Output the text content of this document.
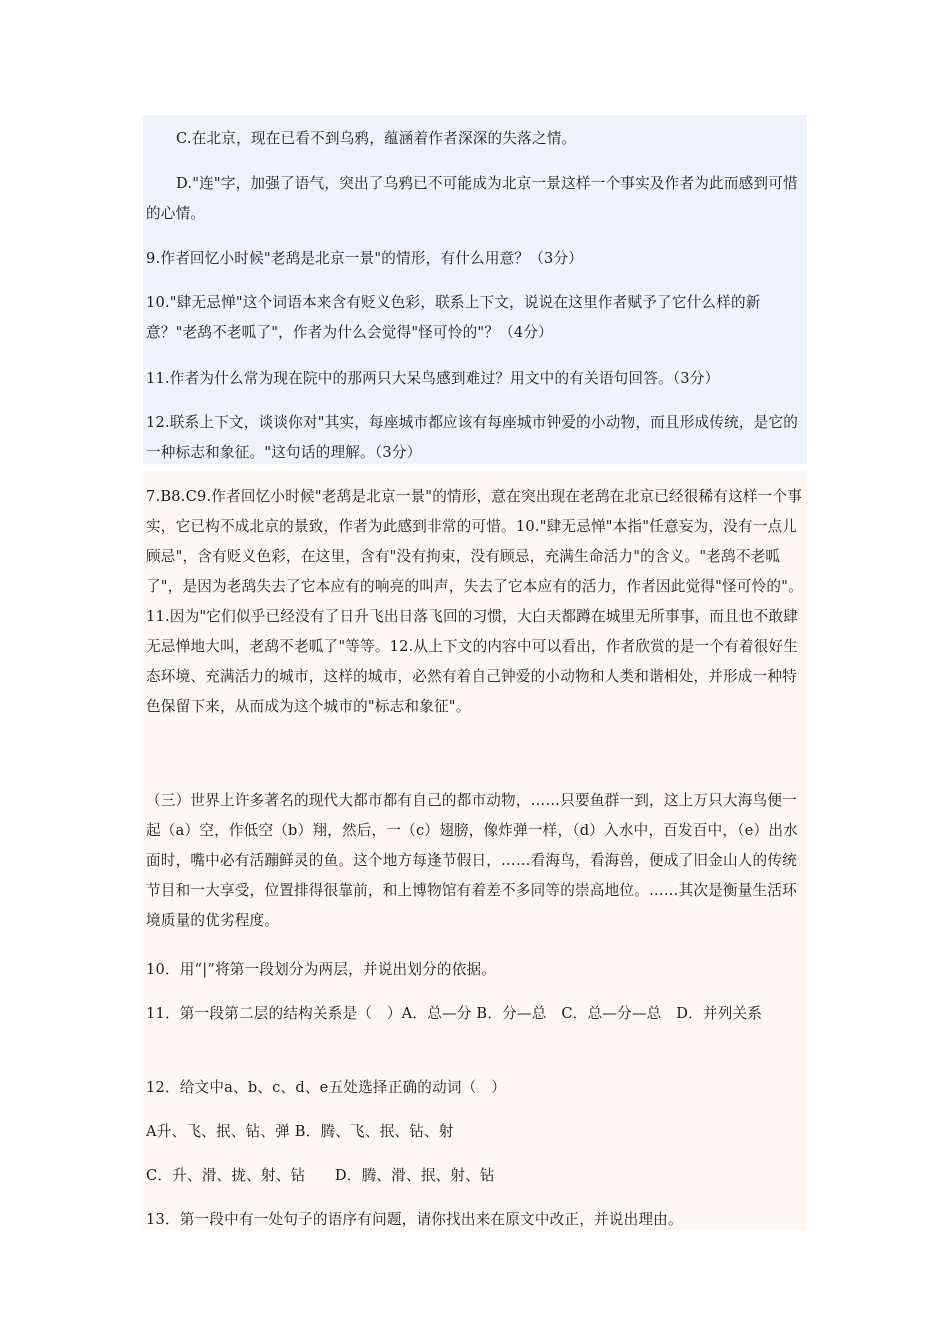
C.在北京，现在已看不到乌鸦，蕴涵着作者深深的失落之情。

D."连"字，加强了语气，突出了乌鸦已不可能成为北京一景这样一个事实及作者为此而感到可惜的心情。

9.作者回忆小时候"老鸹是北京一景"的情形，有什么用意？（3分）

10."肆无忌惮"这个词语本来含有贬义色彩，联系上下文，说说在这里作者赋予了它什么样的新意？"老鸹不老呱了"，作者为什么会觉得"怪可怜的"？（4分）

11.作者为什么常为现在院中的那两只大呆鸟感到难过？用文中的有关语句回答。（3分）

12.联系上下文，谈谈你对"其实，每座城市都应该有每座城市钟爱的小动物，而且形成传统，是它的一种标志和象征。"这句话的理解。（3分）

7.B8.C9.作者回忆小时候"老鸹是北京一景"的情形，意在突出现在老鸹在北京已经很稀有这样一个事实，它已构不成北京的景致，作者为此感到非常的可惜。10."肆无忌惮"本指"任意妄为，没有一点儿顾忌"，含有贬义色彩，在这里，含有"没有拘束，没有顾忌，充满生命活力"的含义。"老鸹不老呱了"，是因为老鸹失去了它本应有的响亮的叫声，失去了它本应有的活力，作者因此觉得"怪可怜的"。11.因为"它们似乎已经没有了日升飞出日落飞回的习惯，大白天都蹲在城里无所事事，而且也不敢肆无忌惮地大叫，老鸹不老呱了"等等。12.从上下文的内容中可以看出，作者欣赏的是一个有着很好生态环境、充满活力的城市，这样的城市，必然有着自己钟爱的小动物和人类和谐相处，并形成一种特色保留下来，从而成为这个城市的"标志和象征"。

（三）世界上许多著名的现代大都市都有自己的都市动物，……只要鱼群一到，这上万只大海鸟便一起（a）空，作低空（b）翔，然后，一（c）翅膀，像炸弹一样，（d）入水中，百发百中，（e）出水面时，嘴中必有活蹦鲜灵的鱼。这个地方每逢节假日，……看海鸟，看海兽，便成了旧金山人的传统节目和一大享受，位置排得很靠前，和上博物馆有着差不多同等的崇高地位。……其次是衡量生活环境质量的优劣程度。

10．用“|”将第一段划分为两层，并说出划分的依据。

11．第一段第二层的结构关系是（　）A．总—分 B．分—总　C．总—分—总　D．并列关系

12．给文中a、b、c、d、e五处选择正确的动词（　）

A升、飞、抿、钻、弹 B．腾、飞、抿、钻、射

C．升、滑、拢、射、钻　　D．腾、滑、抿、射、钻

13．第一段中有一处句子的语序有问题，请你找出来在原文中改正，并说出理由。
